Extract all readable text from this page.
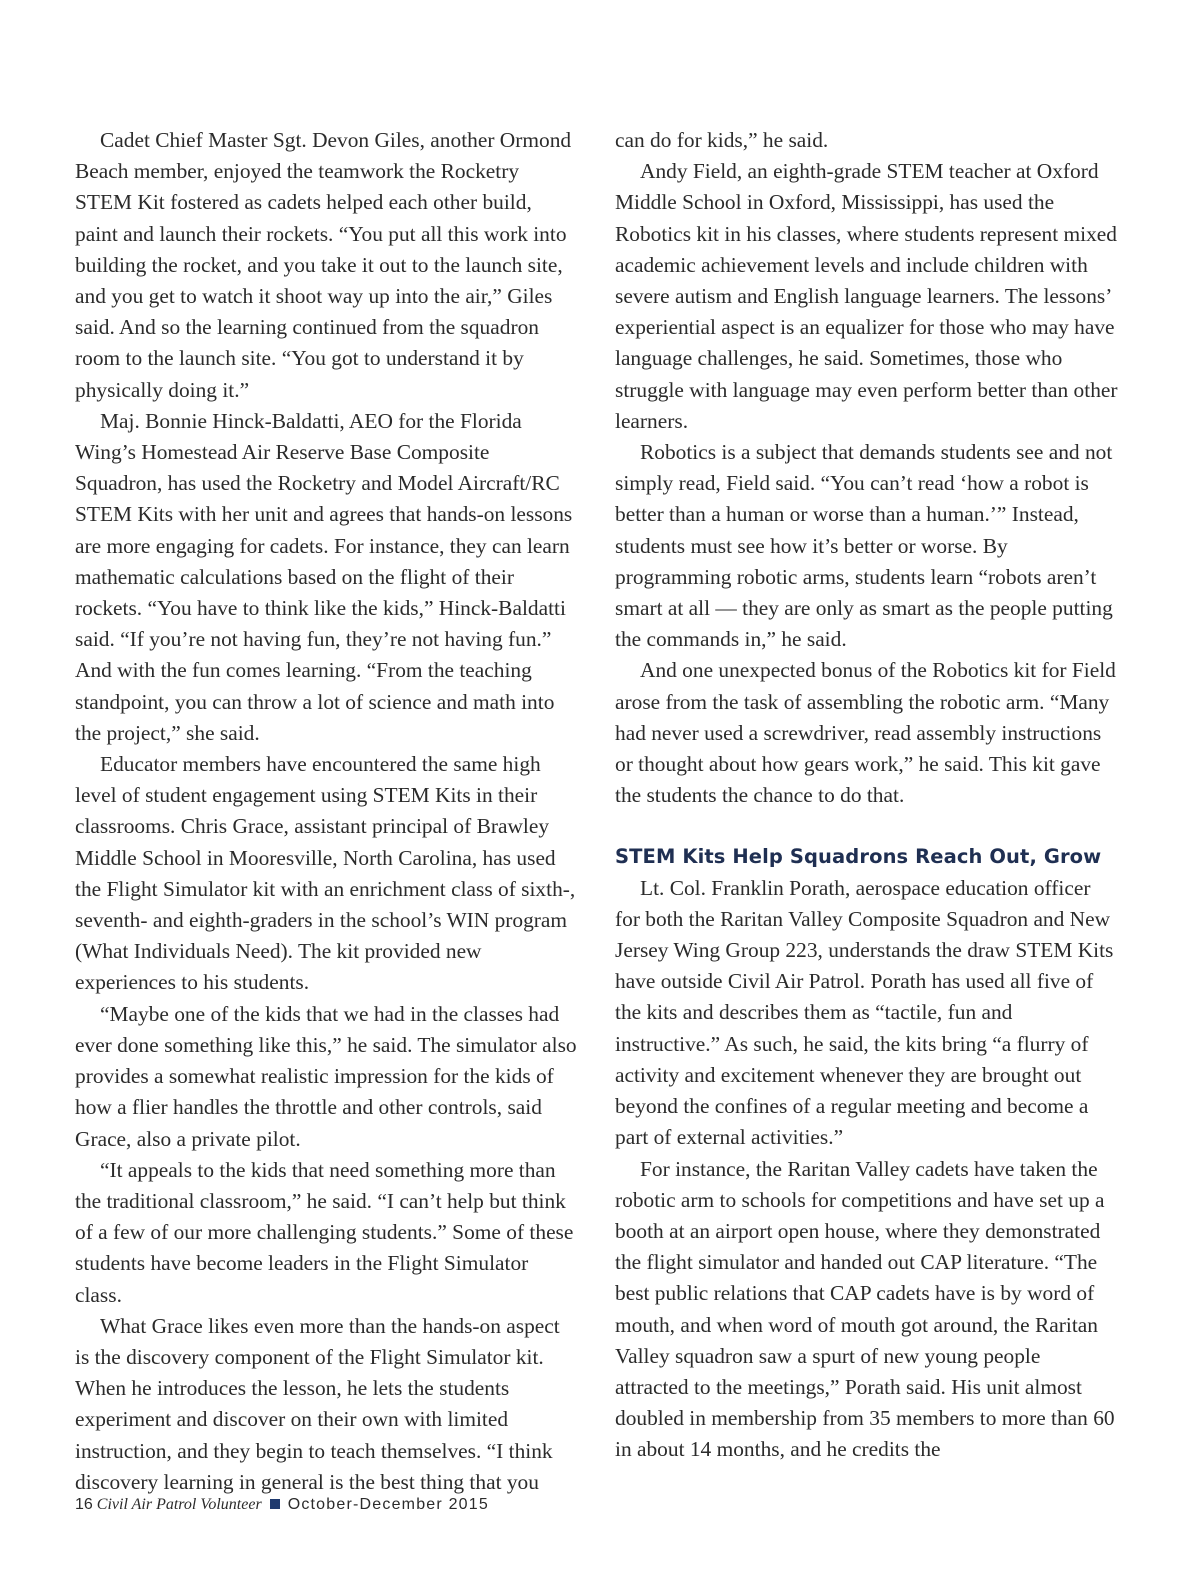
Cadet Chief Master Sgt. Devon Giles, another Ormond Beach member, enjoyed the teamwork the Rocketry STEM Kit fostered as cadets helped each other build, paint and launch their rockets. “You put all this work into building the rocket, and you take it out to the launch site, and you get to watch it shoot way up into the air,” Giles said. And so the learning continued from the squadron room to the launch site. “You got to understand it by physically doing it.”

Maj. Bonnie Hinck-Baldatti, AEO for the Florida Wing’s Homestead Air Reserve Base Composite Squadron, has used the Rocketry and Model Aircraft/RC STEM Kits with her unit and agrees that hands-on lessons are more engaging for cadets. For instance, they can learn mathematic calculations based on the flight of their rockets. “You have to think like the kids,” Hinck-Baldatti said. “If you’re not having fun, they’re not having fun.” And with the fun comes learning. “From the teaching standpoint, you can throw a lot of science and math into the project,” she said.

Educator members have encountered the same high level of student engagement using STEM Kits in their classrooms. Chris Grace, assistant principal of Brawley Middle School in Mooresville, North Carolina, has used the Flight Simulator kit with an enrichment class of sixth-, seventh- and eighth-graders in the school’s WIN program (What Individuals Need). The kit provided new experiences to his students.

“Maybe one of the kids that we had in the classes had ever done something like this,” he said. The simulator also provides a somewhat realistic impression for the kids of how a flier handles the throttle and other controls, said Grace, also a private pilot.

“It appeals to the kids that need something more than the traditional classroom,” he said. “I can’t help but think of a few of our more challenging students.” Some of these students have become leaders in the Flight Simulator class.

What Grace likes even more than the hands-on aspect is the discovery component of the Flight Simulator kit. When he introduces the lesson, he lets the students experiment and discover on their own with limited instruction, and they begin to teach themselves. “I think discovery learning in general is the best thing that you

can do for kids,” he said.

Andy Field, an eighth-grade STEM teacher at Oxford Middle School in Oxford, Mississippi, has used the Robotics kit in his classes, where students represent mixed academic achievement levels and include children with severe autism and English language learners. The lessons’ experiential aspect is an equalizer for those who may have language challenges, he said. Sometimes, those who struggle with language may even perform better than other learners.

Robotics is a subject that demands students see and not simply read, Field said. “You can’t read ‘how a robot is better than a human or worse than a human.’” Instead, students must see how it’s better or worse. By programming robotic arms, students learn “robots aren’t smart at all — they are only as smart as the people putting the commands in,” he said.

And one unexpected bonus of the Robotics kit for Field arose from the task of assembling the robotic arm. “Many had never used a screwdriver, read assembly instructions or thought about how gears work,” he said. This kit gave the students the chance to do that.

STEM Kits Help Squadrons Reach Out, Grow

Lt. Col. Franklin Porath, aerospace education officer for both the Raritan Valley Composite Squadron and New Jersey Wing Group 223, understands the draw STEM Kits have outside Civil Air Patrol. Porath has used all five of the kits and describes them as “tactile, fun and instructive.” As such, he said, the kits bring “a flurry of activity and excitement whenever they are brought out beyond the confines of a regular meeting and become a part of external activities.”

For instance, the Raritan Valley cadets have taken the robotic arm to schools for competitions and have set up a booth at an airport open house, where they demonstrated the flight simulator and handed out CAP literature. “The best public relations that CAP cadets have is by word of mouth, and when word of mouth got around, the Raritan Valley squadron saw a spurt of new young people attracted to the meetings,” Porath said. His unit almost doubled in membership from 35 members to more than 60 in about 14 months, and he credits the

16 Civil Air Patrol Volunteer October-December 2015
